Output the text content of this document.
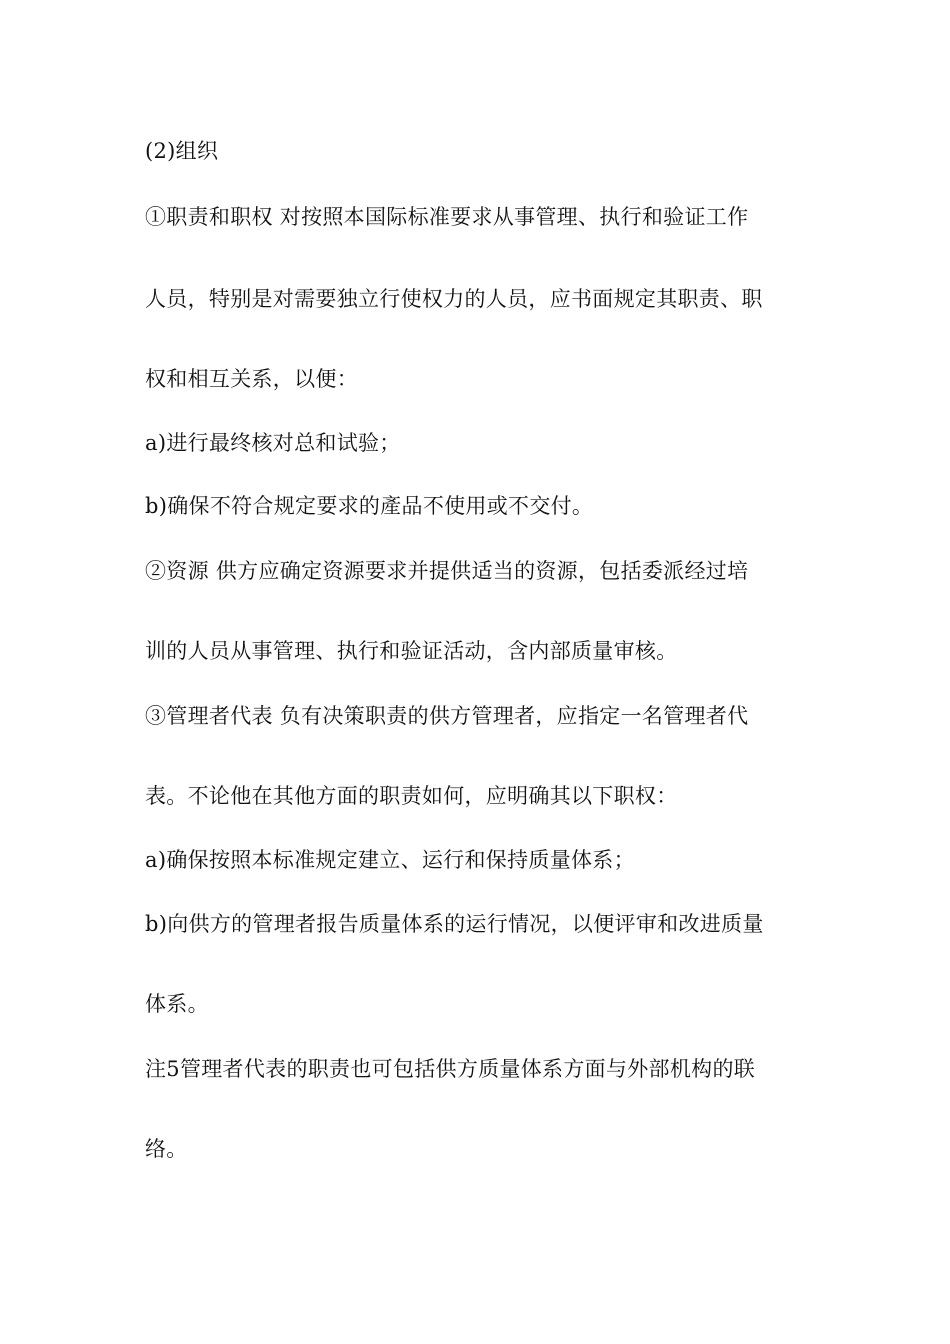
(2)组织
①职责和职权 对按照本国际标准要求从事管理、执行和验证工作
人员，特别是对需要独立行使权力的人员，应书面规定其职责、职
权和相互关系，以便：
a)进行最终核对总和试验；
b)确保不符合规定要求的產品不使用或不交付。
②资源 供方应确定资源要求并提供适当的资源，包括委派经过培
训的人员从事管理、执行和验证活动，含内部质量审核。
③管理者代表 负有决策职责的供方管理者，应指定一名管理者代
表。不论他在其他方面的职责如何，应明确其以下职权：
a)确保按照本标准规定建立、运行和保持质量体系；
b)向供方的管理者报告质量体系的运行情况，以便评审和改进质量
体系。
注5管理者代表的职责也可包括供方质量体系方面与外部机构的联
络。
